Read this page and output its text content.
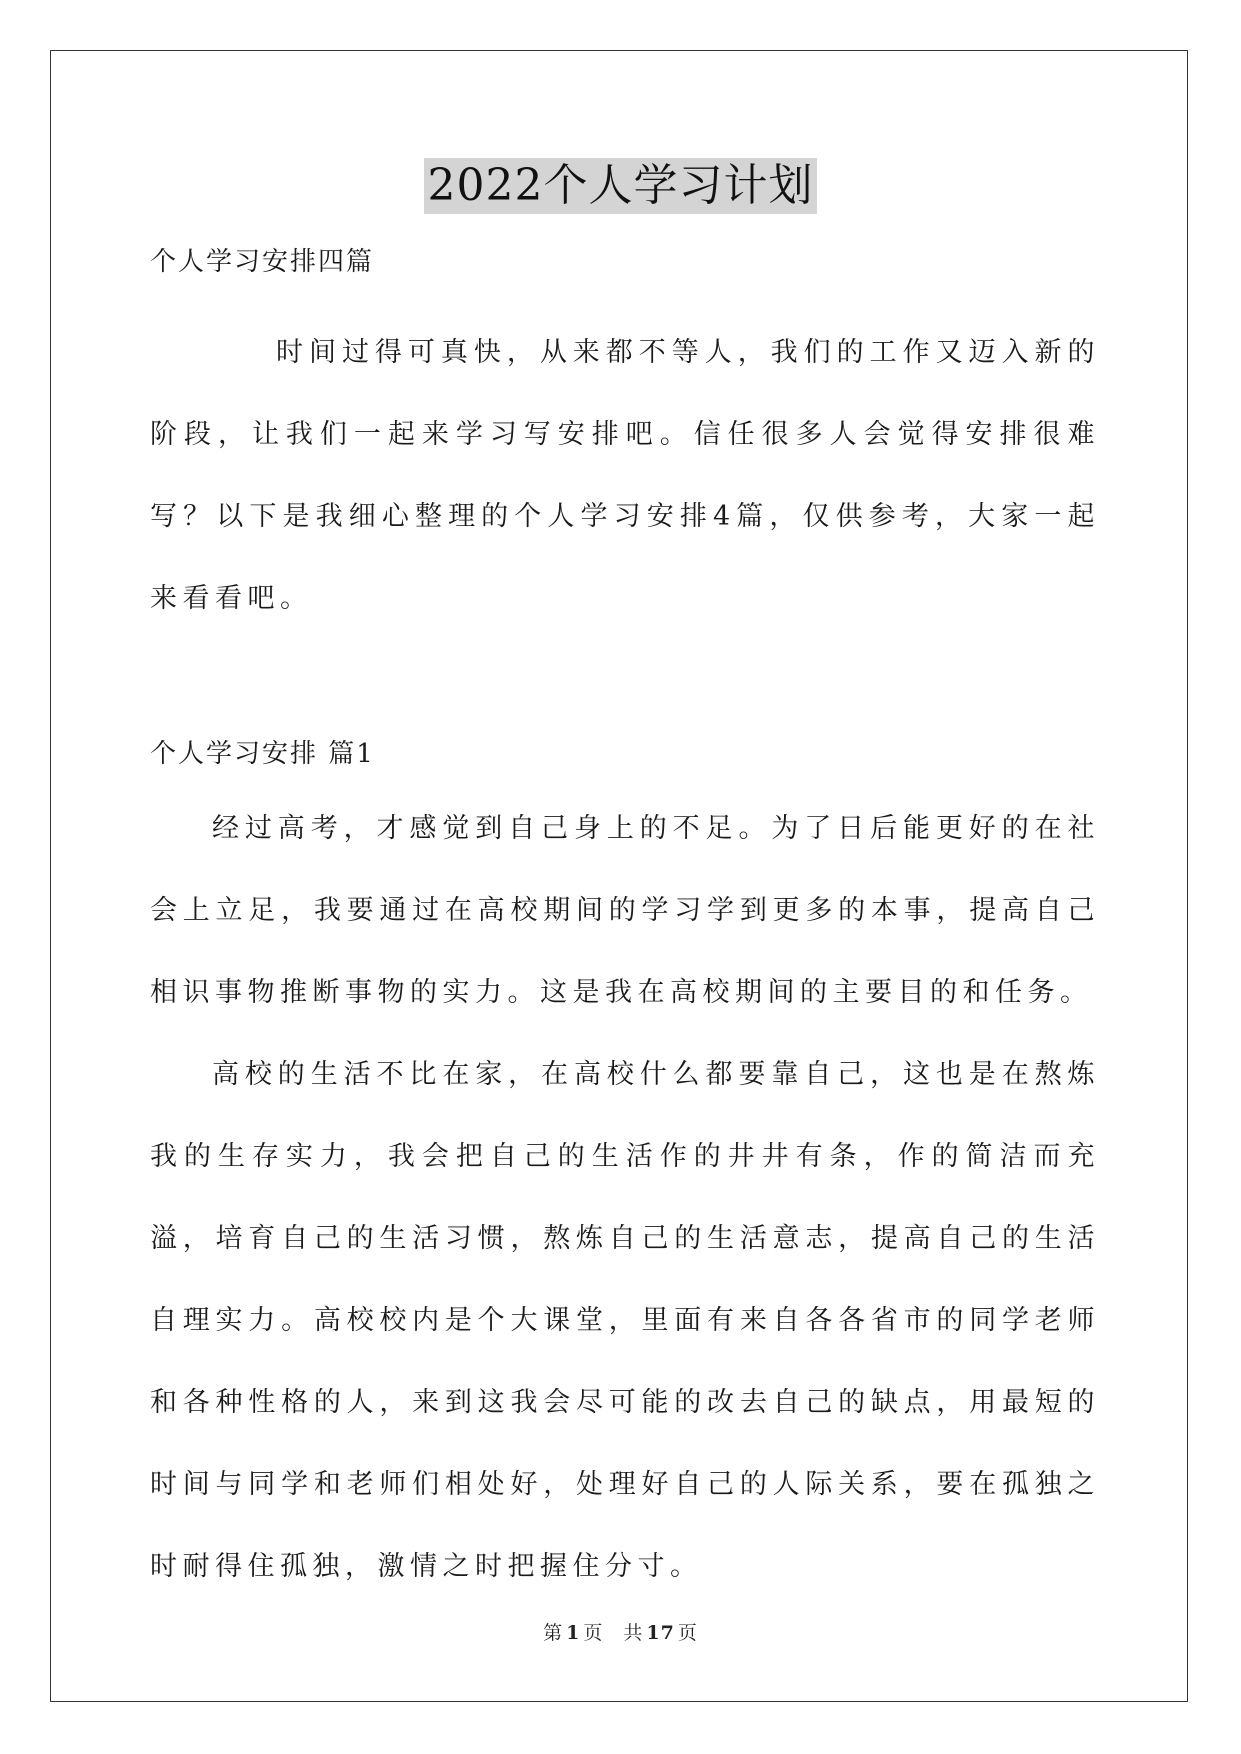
2022个人学习计划

个人学习安排四篇

时间过得可真快，从来都不等人，我们的工作又迈入新的阶段，让我们一起来学习写安排吧。信任很多人会觉得安排很难写？以下是我细心整理的个人学习安排4篇，仅供参考，大家一起来看看吧。

个人学习安排 篇1

经过高考，才感觉到自己身上的不足。为了日后能更好的在社会上立足，我要通过在高校期间的学习学到更多的本事，提高自己相识事物推断事物的实力。这是我在高校期间的主要目的和任务。

高校的生活不比在家，在高校什么都要靠自己，这也是在熬炼我的生存实力，我会把自己的生活作的井井有条，作的简洁而充溢，培育自己的生活习惯，熬炼自己的生活意志，提高自己的生活自理实力。高校校内是个大课堂，里面有来自各各省市的同学老师和各种性格的人，来到这我会尽可能的改去自己的缺点，用最短的时间与同学和老师们相处好，处理好自己的人际关系，要在孤独之时耐得住孤独，激情之时把握住分寸。

第 1 页 共 17 页
